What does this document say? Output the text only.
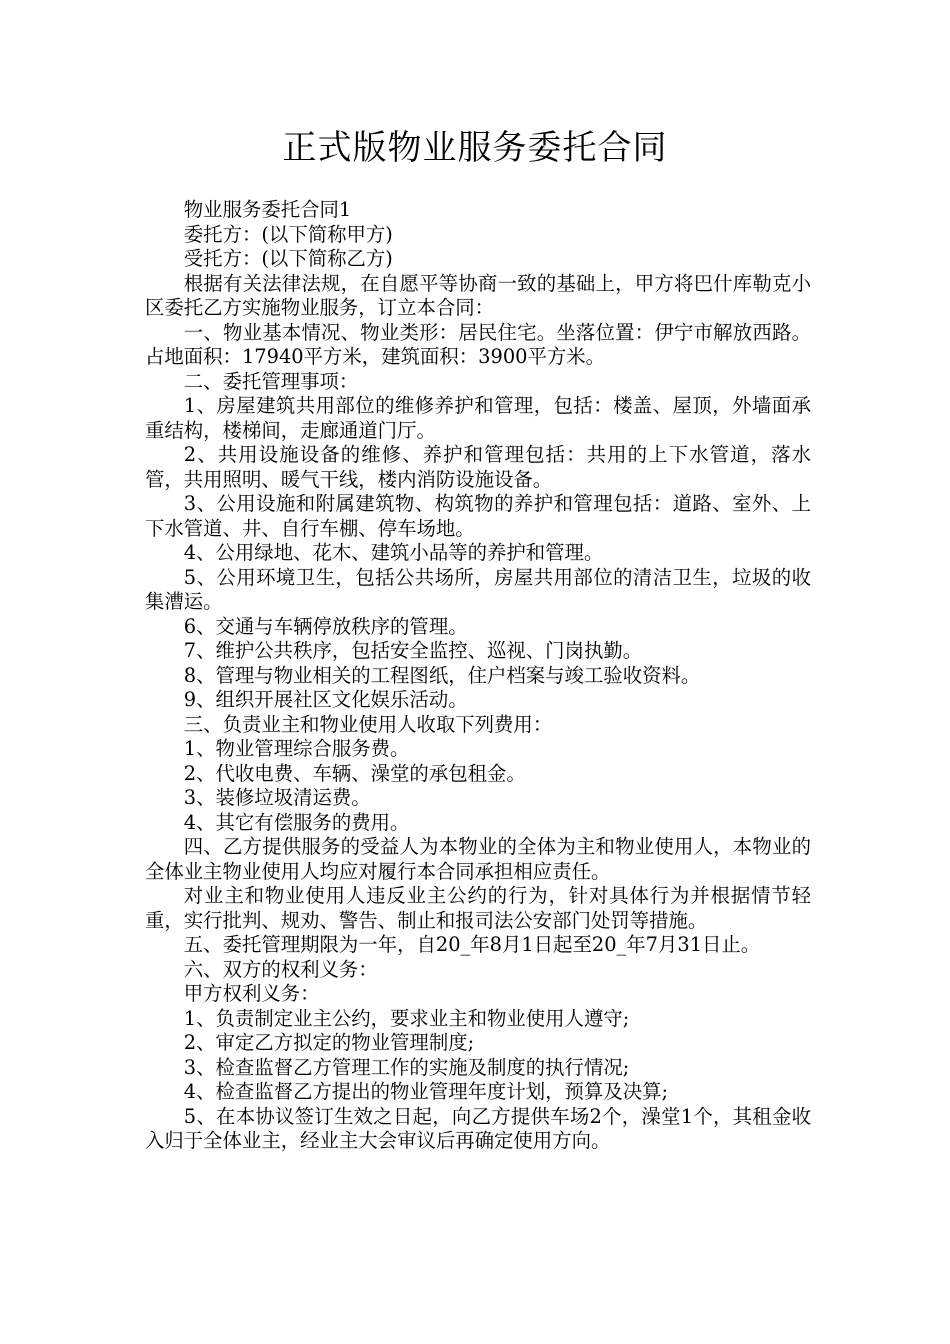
正式版物业服务委托合同

物业服务委托合同1

委托方：(以下简称甲方)

受托方：(以下简称乙方)

根据有关法律法规，在自愿平等协商一致的基础上，甲方将巴什库勒克小区委托乙方实施物业服务，订立本合同：

一、物业基本情况、物业类形：居民住宅。坐落位置：伊宁市解放西路。占地面积：17940平方米，建筑面积：3900平方米。

二、委托管理事项：

1、房屋建筑共用部位的维修养护和管理，包括：楼盖、屋顶，外墙面承重结构，楼梯间，走廊通道门厅。

2、共用设施设备的维修、养护和管理包括：共用的上下水管道，落水管，共用照明、暖气干线，楼内消防设施设备。

3、公用设施和附属建筑物、构筑物的养护和管理包括：道路、室外、上下水管道、井、自行车棚、停车场地。

4、公用绿地、花木、建筑小品等的养护和管理。

5、公用环境卫生，包括公共场所，房屋共用部位的清洁卫生，垃圾的收集漕运。

6、交通与车辆停放秩序的管理。

7、维护公共秩序，包括安全监控、巡视、门岗执勤。

8、管理与物业相关的工程图纸，住户档案与竣工验收资料。

9、组织开展社区文化娱乐活动。

三、负责业主和物业使用人收取下列费用：

1、物业管理综合服务费。

2、代收电费、车辆、澡堂的承包租金。

3、装修垃圾清运费。

4、其它有偿服务的费用。

四、乙方提供服务的受益人为本物业的全体为主和物业使用人，本物业的全体业主物业使用人均应对履行本合同承担相应责任。

对业主和物业使用人违反业主公约的行为，针对具体行为并根据情节轻重，实行批判、规劝、警告、制止和报司法公安部门处罚等措施。

五、委托管理期限为一年，自20_年8月1日起至20_年7月31日止。

六、双方的权利义务：

甲方权利义务：

1、负责制定业主公约，要求业主和物业使用人遵守;

2、审定乙方拟定的物业管理制度;

3、检查监督乙方管理工作的实施及制度的执行情况;

4、检查监督乙方提出的物业管理年度计划，预算及决算;

5、在本协议签订生效之日起，向乙方提供车场2个，澡堂1个，其租金收入归于全体业主，经业主大会审议后再确定使用方向。
